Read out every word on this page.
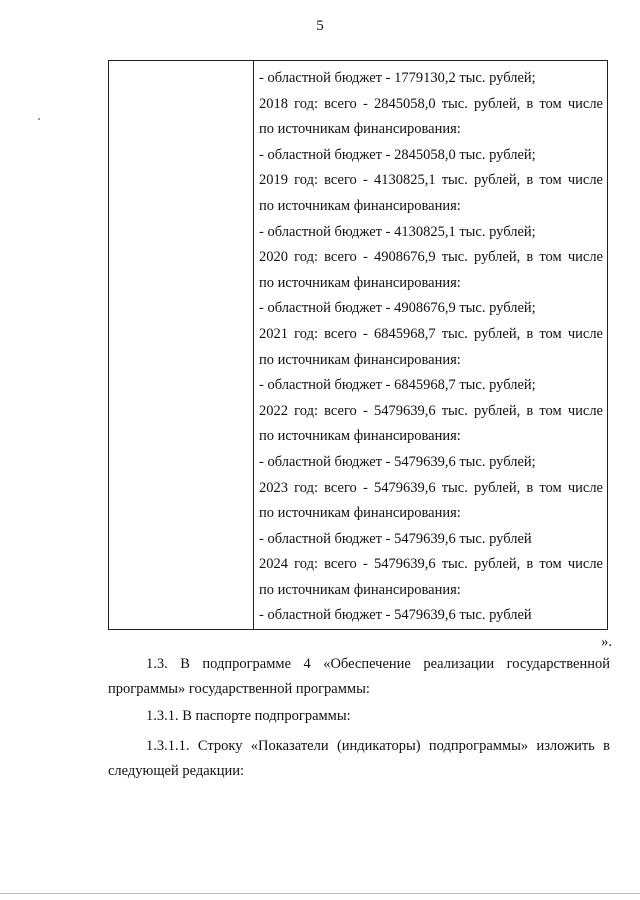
5
- областной бюджет - 1779130,2 тыс. рублей;
2018 год: всего - 2845058,0 тыс. рублей, в том числе
по источникам финансирования:
- областной бюджет - 2845058,0 тыс. рублей;
2019 год: всего - 4130825,1 тыс. рублей, в том числе
по источникам финансирования:
- областной бюджет - 4130825,1 тыс. рублей;
2020 год: всего - 4908676,9 тыс. рублей, в том числе
по источникам финансирования:
- областной бюджет - 4908676,9 тыс. рублей;
2021 год: всего - 6845968,7 тыс. рублей, в том числе
по источникам финансирования:
- областной бюджет - 6845968,7 тыс. рублей;
2022 год: всего - 5479639,6 тыс. рублей, в том числе
по источникам финансирования:
- областной бюджет - 5479639,6 тыс. рублей;
2023 год: всего - 5479639,6 тыс. рублей, в том числе
по источникам финансирования:
- областной бюджет - 5479639,6 тыс. рублей
2024 год: всего - 5479639,6 тыс. рублей, в том числе
по источникам финансирования:
- областной бюджет - 5479639,6 тыс. рублей
».

1.3. В подпрограмме 4 «Обеспечение реализации государственной

программы» государственной программы:

1.3.1. В паспорте подпрограммы:

1.3.1.1. Строку «Показатели (индикаторы) подпрограммы» изложить в

следующей редакции:
